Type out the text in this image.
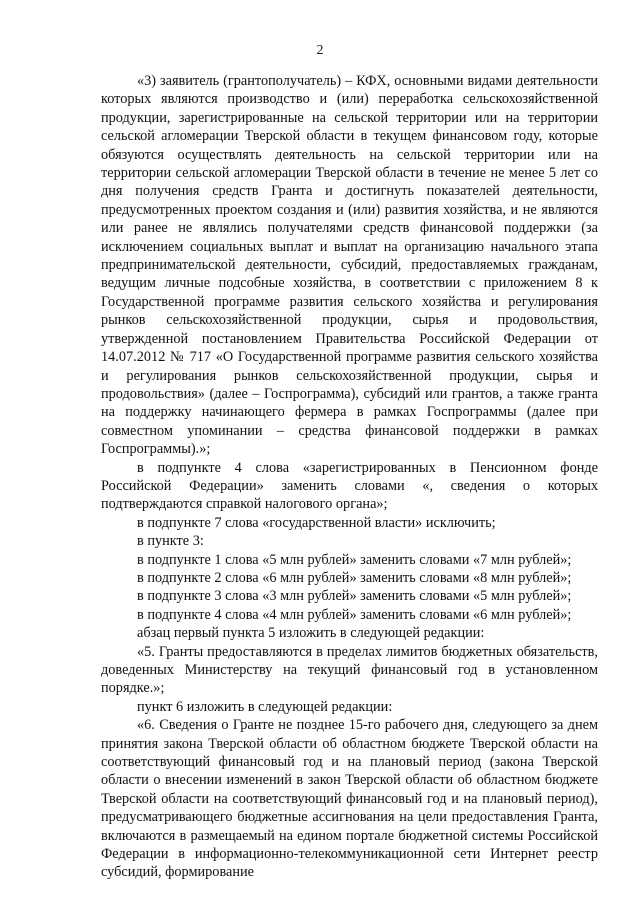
2

«3) заявитель (грантополучатель) – КФХ, основными видами деятельности которых являются производство и (или) переработка сельскохозяйственной продукции, зарегистрированные на сельской территории или на территории сельской агломерации Тверской области в текущем финансовом году, которые обязуются осуществлять деятельность на сельской территории или на территории сельской агломерации Тверской области в течение не менее 5 лет со дня получения средств Гранта и достигнуть показателей деятельности, предусмотренных проектом создания и (или) развития хозяйства, и не являются или ранее не являлись получателями средств финансовой поддержки (за исключением социальных выплат и выплат на организацию начального этапа предпринимательской деятельности, субсидий, предоставляемых гражданам, ведущим личные подсобные хозяйства, в соответствии с приложением 8 к Государственной программе развития сельского хозяйства и регулирования рынков сельскохозяйственной продукции, сырья и продовольствия, утвержденной постановлением Правительства Российской Федерации от 14.07.2012 № 717 «О Государственной программе развития сельского хозяйства и регулирования рынков сельскохозяйственной продукции, сырья и продовольствия» (далее – Госпрограмма), субсидий или грантов, а также гранта на поддержку начинающего фермера в рамках Госпрограммы (далее при совместном упоминании – средства финансовой поддержки в рамках Госпрограммы).»;

в подпункте 4 слова «зарегистрированных в Пенсионном фонде Российской Федерации» заменить словами «, сведения о которых подтверждаются справкой налогового органа»;

в подпункте 7 слова «государственной власти» исключить;

в пункте 3:

в подпункте 1 слова «5 млн рублей» заменить словами «7 млн рублей»;

в подпункте 2 слова «6 млн рублей» заменить словами «8 млн рублей»;

в подпункте 3 слова «3 млн рублей» заменить словами «5 млн рублей»;

в подпункте 4 слова «4 млн рублей» заменить словами «6 млн рублей»;

абзац первый пункта 5 изложить в следующей редакции:

«5. Гранты предоставляются в пределах лимитов бюджетных обязательств, доведенных Министерству на текущий финансовый год в установленном порядке.»;

пункт 6 изложить в следующей редакции:

«6. Сведения о Гранте не позднее 15-го рабочего дня, следующего за днем принятия закона Тверской области об областном бюджете Тверской области на соответствующий финансовый год и на плановый период (закона Тверской области о внесении изменений в закон Тверской области об областном бюджете Тверской области на соответствующий финансовый год и на плановый период), предусматривающего бюджетные ассигнования на цели предоставления Гранта, включаются в размещаемый на едином портале бюджетной системы Российской Федерации в информационно-телекоммуникационной сети Интернет реестр субсидий, формирование
